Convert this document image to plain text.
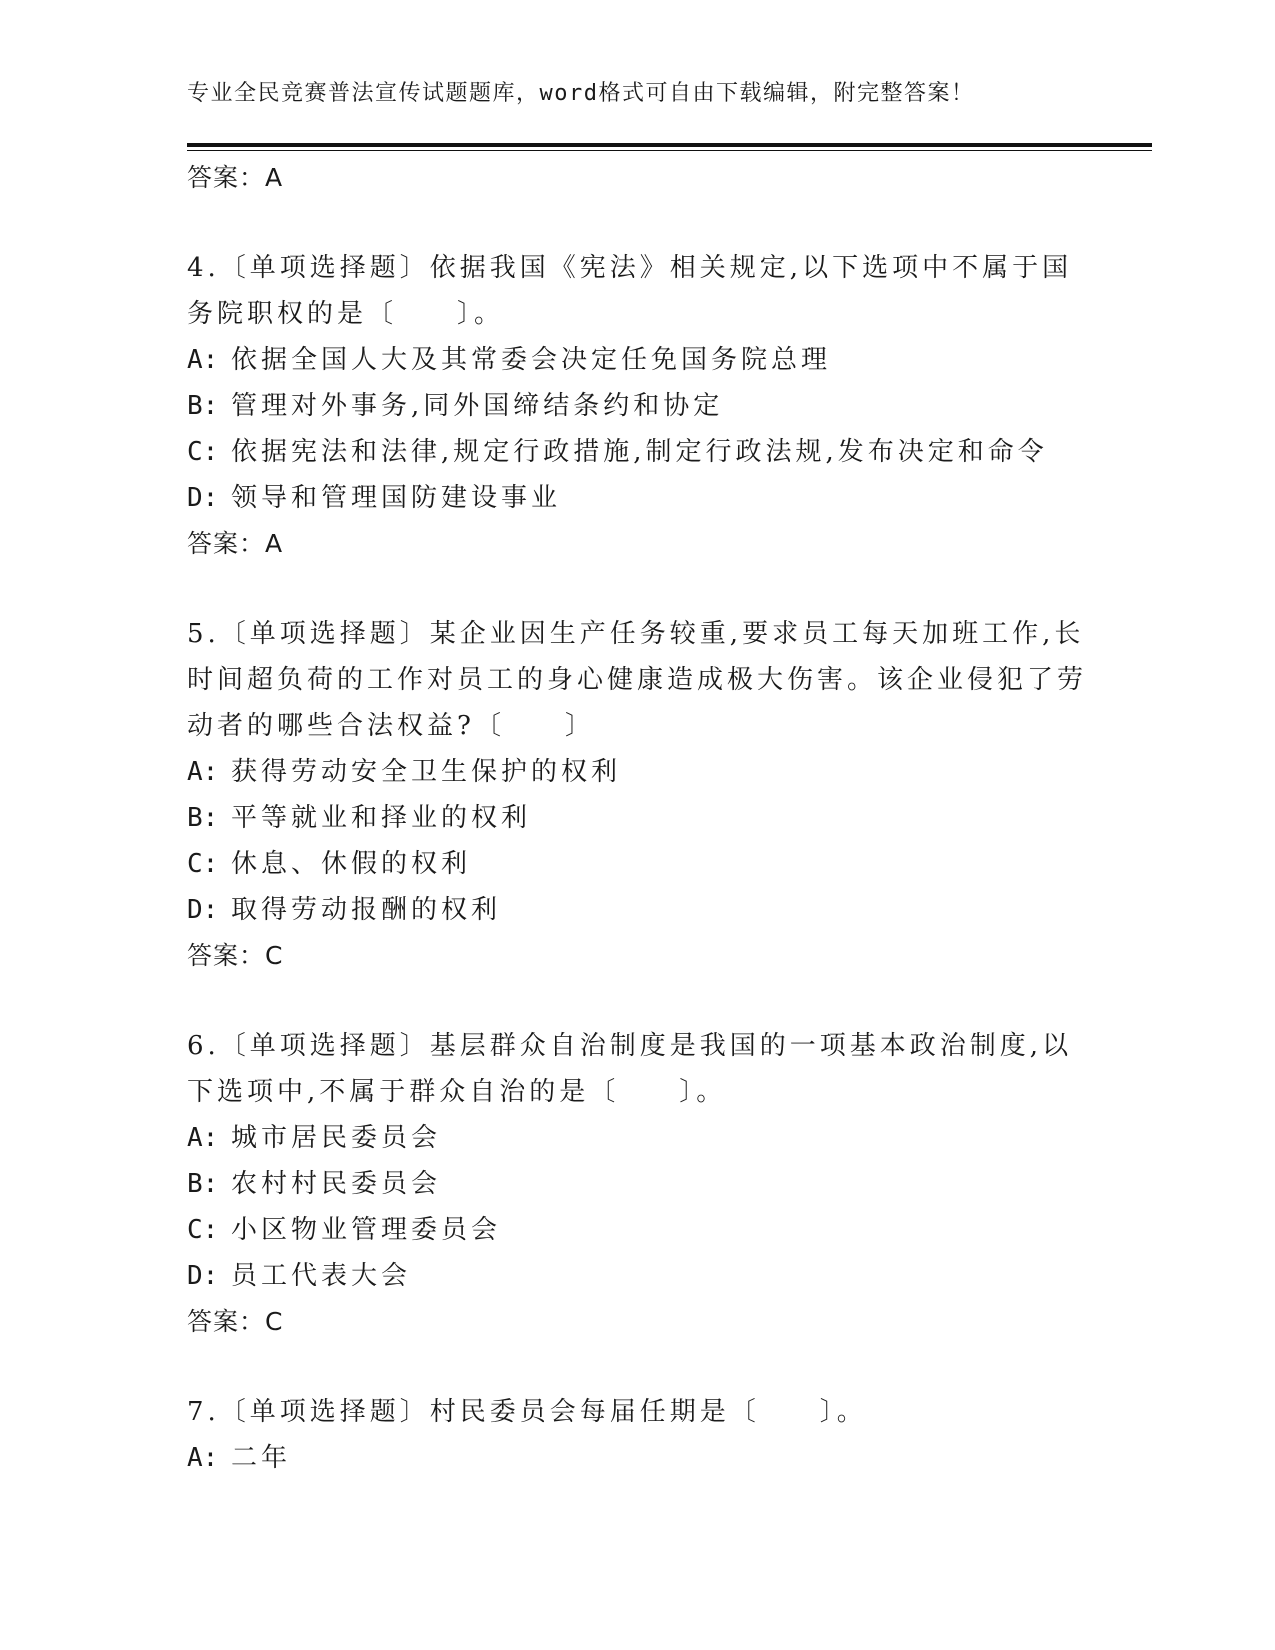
专业全民竞赛普法宣传试题题库，word格式可自由下载编辑，附完整答案！
答案：A
4.〔单项选择题〕依据我国《宪法》相关规定,以下选项中不属于国务院职权的是〔　　〕。
A: 依据全国人大及其常委会决定任免国务院总理
B: 管理对外事务,同外国缔结条约和协定
C: 依据宪法和法律,规定行政措施,制定行政法规,发布决定和命令
D: 领导和管理国防建设事业
答案：A
5.〔单项选择题〕某企业因生产任务较重,要求员工每天加班工作,长时间超负荷的工作对员工的身心健康造成极大伤害。该企业侵犯了劳动者的哪些合法权益?〔　　〕
A: 获得劳动安全卫生保护的权利
B: 平等就业和择业的权利
C: 休息、休假的权利
D: 取得劳动报酬的权利
答案：C
6.〔单项选择题〕基层群众自治制度是我国的一项基本政治制度,以下选项中,不属于群众自治的是〔　　〕。
A: 城市居民委员会
B: 农村村民委员会
C: 小区物业管理委员会
D: 员工代表大会
答案：C
7.〔单项选择题〕村民委员会每届任期是〔　　〕。
A: 二年
